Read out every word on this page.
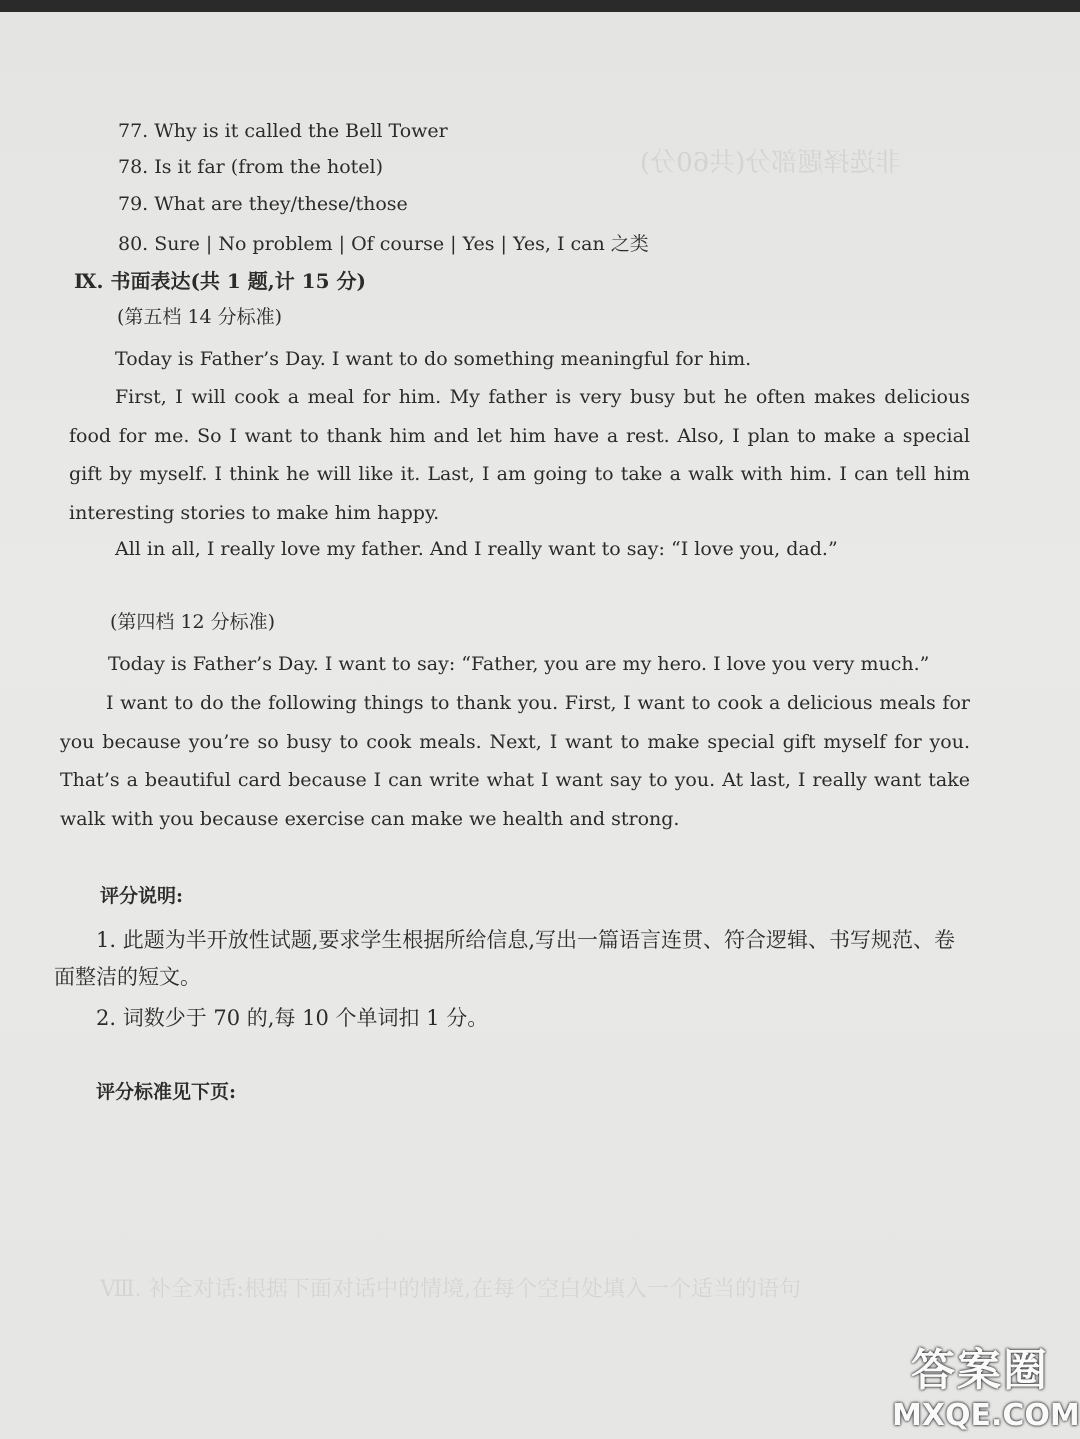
非选择题部分(共60分)
77. Why is it called the Bell Tower
78. Is it far (from the hotel)
79. What are they/these/those
80. Sure | No problem | Of course | Yes | Yes, I can 之类
Ⅸ. 书面表达(共 1 题,计 15 分)
(第五档 14 分标准)
Today is Father’s Day. I want to do something meaningful for him.
First, I will cook a meal for him. My father is very busy but he often makes delicious food for me. So I want to thank him and let him have a rest. Also, I plan to make a special gift by myself. I think he will like it. Last, I am going to take a walk with him. I can tell him interesting stories to make him happy.
All in all, I really love my father. And I really want to say: “I love you, dad.”
(第四档 12 分标准)
Today is Father’s Day. I want to say: “Father, you are my hero. I love you very much.”
I want to do the following things to thank you. First, I want to cook a delicious meals for you because you’re so busy to cook meals. Next, I want to make special gift myself for you. That’s a beautiful card because I can write what I want say to you. At last, I really want take walk with you because exercise can make we health and strong.
评分说明:
1. 此题为半开放性试题,要求学生根据所给信息,写出一篇语言连贯、符合逻辑、书写规范、卷面整洁的短文。
2. 词数少于 70 的,每 10 个单词扣 1 分。
评分标准见下页:
Ⅷ. 补全对话:根据下面对话中的情境,在每个空白处填入一个适当的语句
答案圈
MXQE.COM
